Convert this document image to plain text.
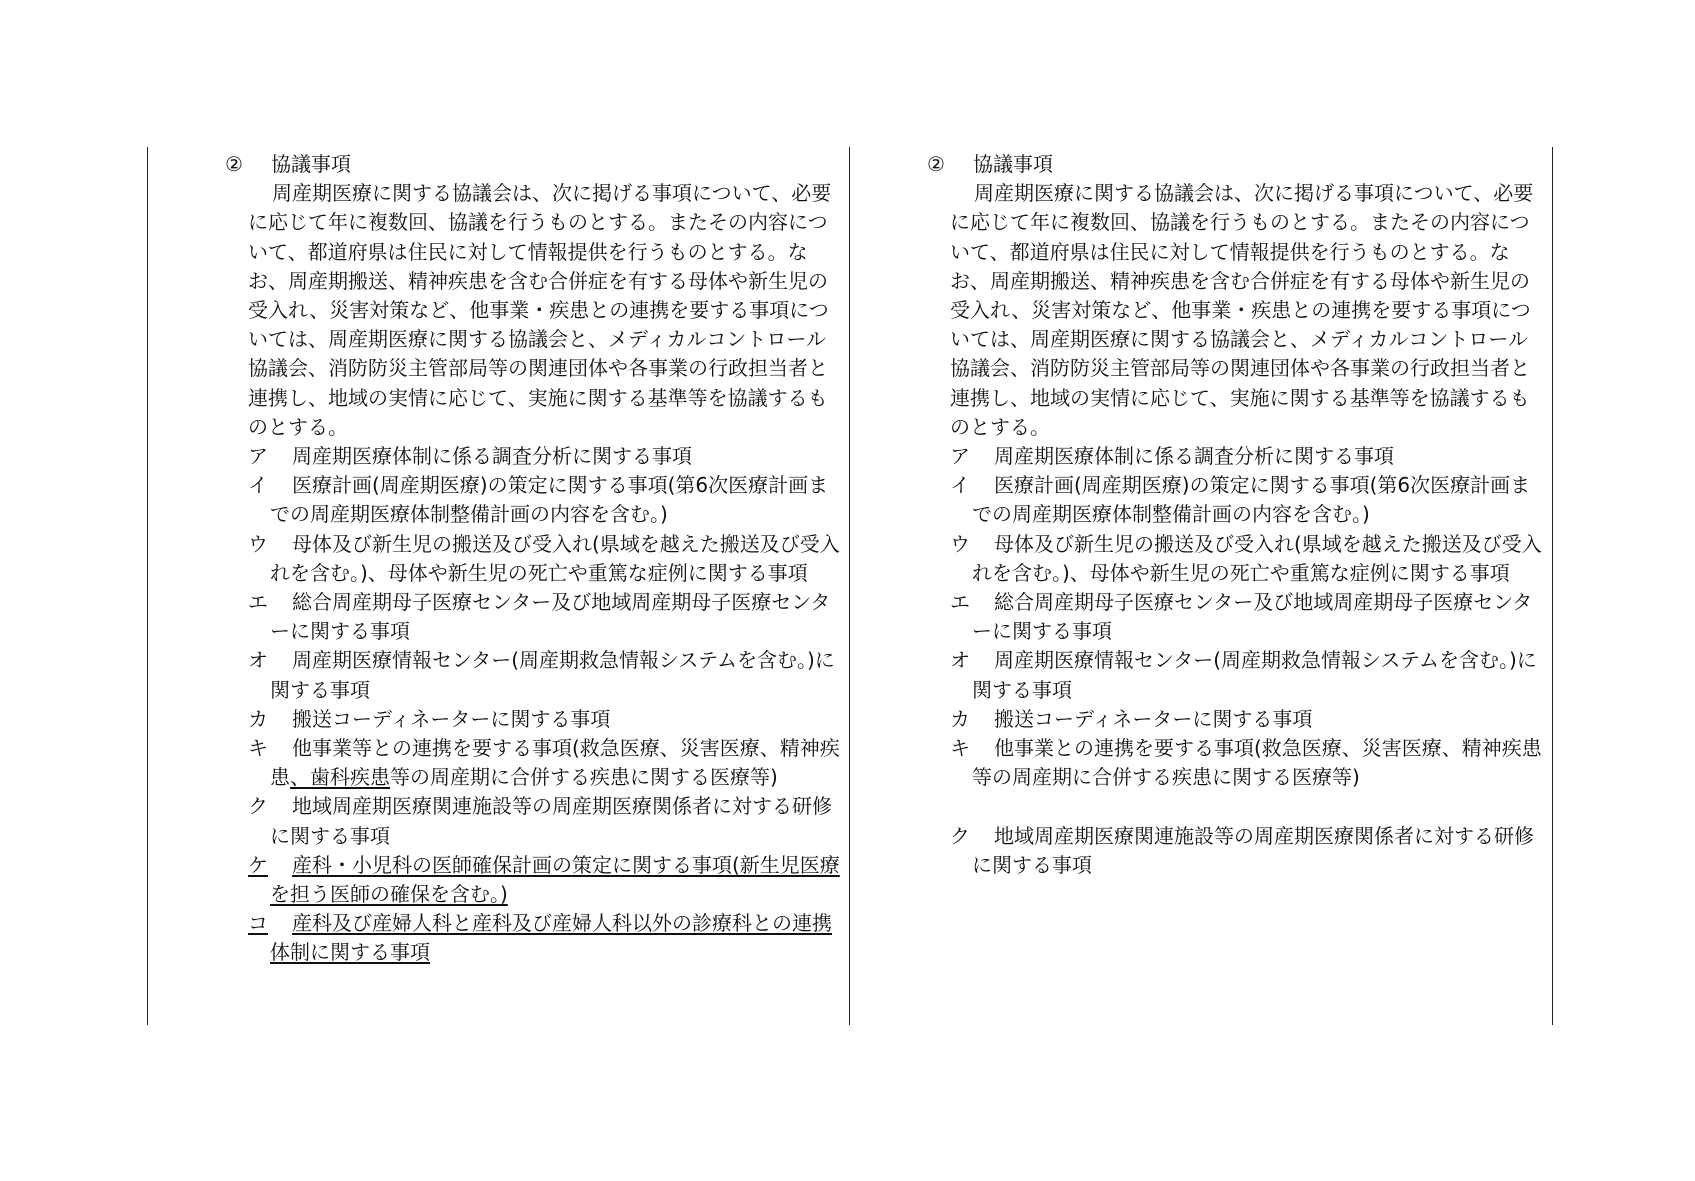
② 協議事項

周産期医療に関する協議会は、次に掲げる事項について、必要に応じて年に複数回、協議を行うものとする。またその内容について、都道府県は住民に対して情報提供を行うものとする。なお、周産期搬送、精神疾患を含む合併症を有する母体や新生児の受入れ、災害対策など、他事業・疾患との連携を要する事項については、周産期医療に関する協議会と、メディカルコントロール協議会、消防防災主管部局等の関連団体や各事業の行政担当者と連携し、地域の実情に応じて、実施に関する基準等を協議するものとする。

ア 周産期医療体制に係る調査分析に関する事項

イ 医療計画(周産期医療)の策定に関する事項(第6次医療計画までの周産期医療体制整備計画の内容を含む。)

ウ 母体及び新生児の搬送及び受入れ(県域を越えた搬送及び受入れを含む。)、母体や新生児の死亡や重篤な症例に関する事項

エ 総合周産期母子医療センター及び地域周産期母子医療センターに関する事項

オ 周産期医療情報センター(周産期救急情報システムを含む。)に関する事項

カ 搬送コーディネーターに関する事項

キ 他事業等との連携を要する事項(救急医療、災害医療、精神疾患、歯科疾患等の周産期に合併する疾患に関する医療等)

ク 地域周産期医療関連施設等の周産期医療関係者に対する研修に関する事項

ケ 産科・小児科の医師確保計画の策定に関する事項(新生児医療を担う医師の確保を含む。)

コ 産科及び産婦人科と産科及び産婦人科以外の診療科との連携体制に関する事項

② 協議事項

周産期医療に関する協議会は、次に掲げる事項について、必要に応じて年に複数回、協議を行うものとする。またその内容について、都道府県は住民に対して情報提供を行うものとする。なお、周産期搬送、精神疾患を含む合併症を有する母体や新生児の受入れ、災害対策など、他事業・疾患との連携を要する事項については、周産期医療に関する協議会と、メディカルコントロール協議会、消防防災主管部局等の関連団体や各事業の行政担当者と連携し、地域の実情に応じて、実施に関する基準等を協議するものとする。

ア 周産期医療体制に係る調査分析に関する事項

イ 医療計画(周産期医療)の策定に関する事項(第6次医療計画までの周産期医療体制整備計画の内容を含む。)

ウ 母体及び新生児の搬送及び受入れ(県域を越えた搬送及び受入れを含む。)、母体や新生児の死亡や重篤な症例に関する事項

エ 総合周産期母子医療センター及び地域周産期母子医療センターに関する事項

オ 周産期医療情報センター(周産期救急情報システムを含む。)に関する事項

カ 搬送コーディネーターに関する事項

キ 他事業との連携を要する事項(救急医療、災害医療、精神疾患等の周産期に合併する疾患に関する医療等)

ク 地域周産期医療関連施設等の周産期医療関係者に対する研修に関する事項
